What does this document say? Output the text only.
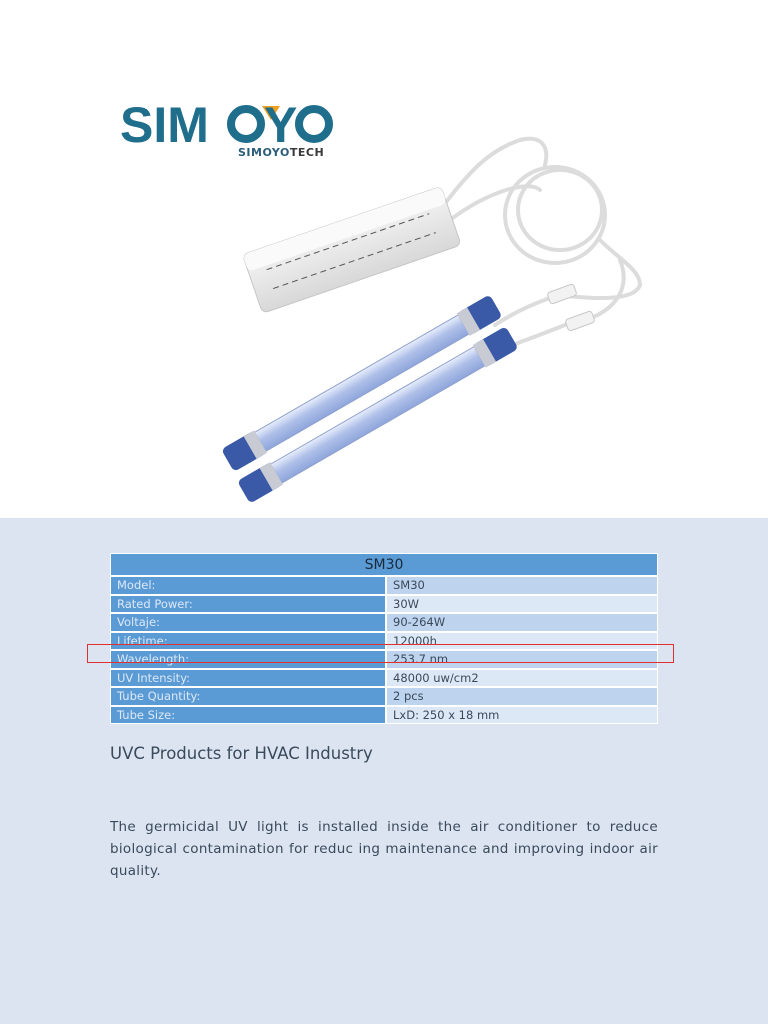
SIM Y
SIMOYOTECH
SM30	
Model:	SM30
Rated Power:	30W
Voltaje:	90-264W
Lifetime:	12000h
Wavelength:	253.7 nm
UV Intensity:	48000 uw/cm2
Tube Quantity:	2 pcs
Tube Size:	LxD: 250 x 18 mm
UVC Products for HVAC Industry
The germicidal UV light is installed inside the air conditioner to reduce biological contamination for reduc ing maintenance and improving indoor air quality.
